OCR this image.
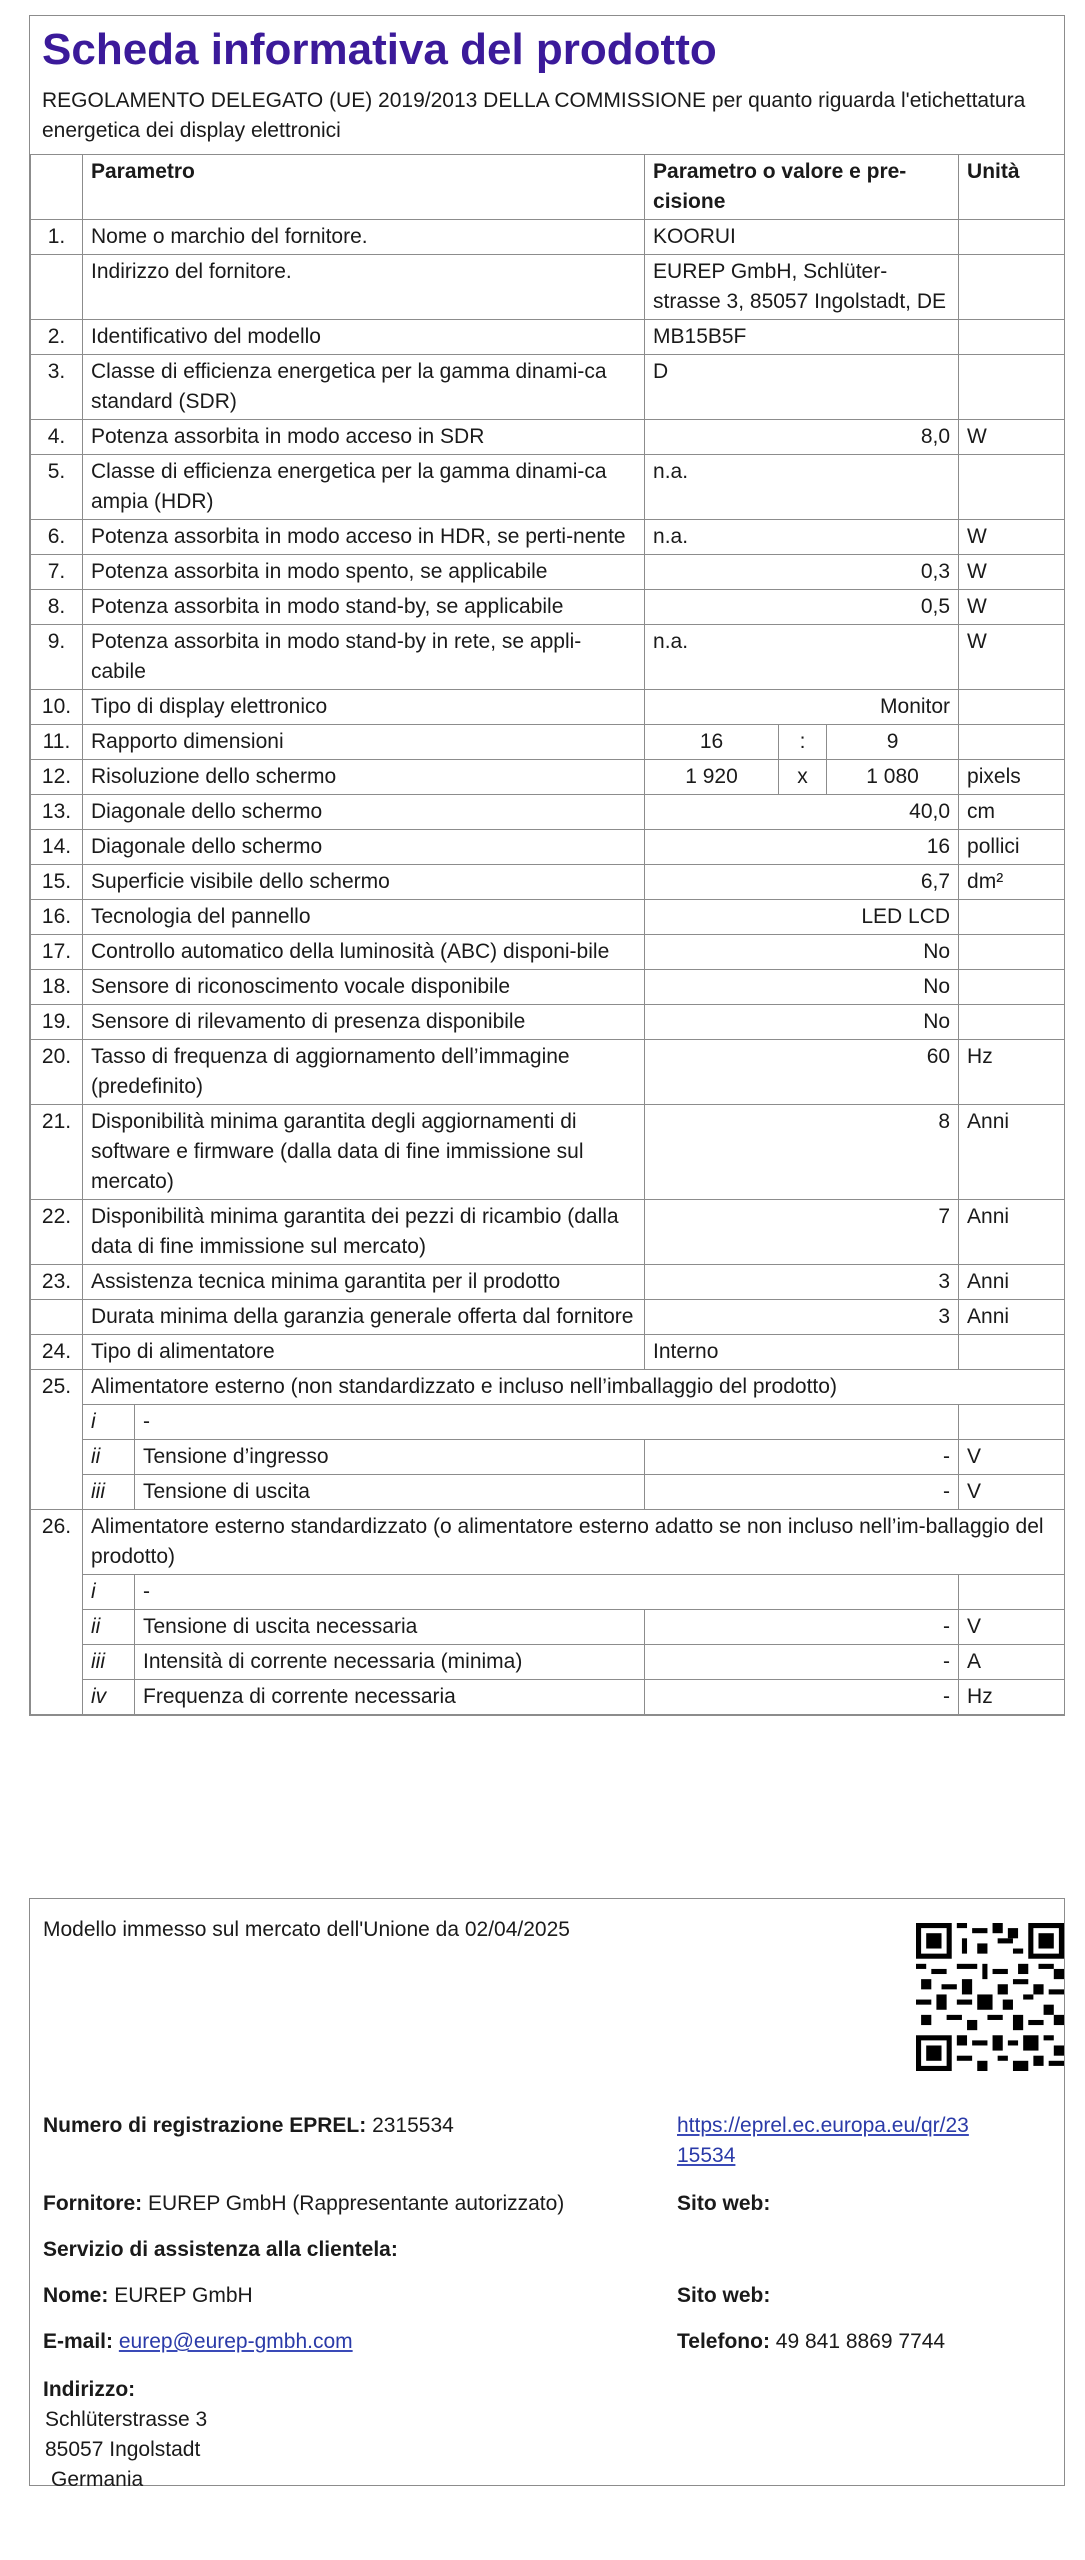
Scheda informativa del prodotto
REGOLAMENTO DELEGATO (UE) 2019/2013 DELLA COMMISSIONE per quanto riguarda l'etichettatura energetica dei display elettronici
	Parametro		Parametro o valore e pre-cisione			Unità
1.	Nome o marchio del fornitore.		KOORUI			
	Indirizzo del fornitore.		EUREP GmbH, Schlüter-strasse 3, 85057 Ingolstadt, DE			
2.	Identificativo del modello		MB15B5F			
3.	Classe di efficienza energetica per la gamma dinami-ca standard (SDR)		D			
4.	Potenza assorbita in modo acceso in SDR		8,0			W
5.	Classe di efficienza energetica per la gamma dinami-ca ampia (HDR)		n.a.			
6.	Potenza assorbita in modo acceso in HDR, se perti-nente		n.a.			W
7.	Potenza assorbita in modo spento, se applicabile		0,3			W
8.	Potenza assorbita in modo stand-by, se applicabile		0,5			W
9.	Potenza assorbita in modo stand-by in rete, se appli-cabile		n.a.			W
10.	Tipo di display elettronico		Monitor			
11.	Rapporto dimensioni		16	:	9	
12.	Risoluzione dello schermo		1 920	x	1 080	pixels
13.	Diagonale dello schermo		40,0			cm
14.	Diagonale dello schermo		16			pollici
15.	Superficie visibile dello schermo		6,7			dm²
16.	Tecnologia del pannello		LED LCD			
17.	Controllo automatico della luminosità (ABC) disponi-bile		No			
18.	Sensore di riconoscimento vocale disponibile		No			
19.	Sensore di rilevamento di presenza disponibile		No			
20.	Tasso di frequenza di aggiornamento dell’immagine (predefinito)		60			Hz
21.	Disponibilità minima garantita degli aggiornamenti di software e firmware (dalla data di fine immissione sul mercato)		8			Anni
22.	Disponibilità minima garantita dei pezzi di ricambio (dalla data di fine immissione sul mercato)		7			Anni
23.	Assistenza tecnica minima garantita per il prodotto		3			Anni
	Durata minima della garanzia generale offerta dal fornitore		3			Anni
24.	Tipo di alimentatore		Interno			
25.	Alimentatore esterno (non standardizzato e incluso nell’imballaggio del prodotto)					
	i	-				
	ii	Tensione d’ingresso	-			V
	iii	Tensione di uscita	-			V
26.	Alimentatore esterno standardizzato (o alimentatore esterno adatto se non incluso nell’im-ballaggio del prodotto)					
	i	-				
	ii	Tensione di uscita necessaria	-			V
	iii	Intensità di corrente necessaria (minima)	-			A
	iv	Frequenza di corrente necessaria	-			Hz
Modello immesso sul mercato dell'Unione da 02/04/2025
Numero di registrazione EPREL: 2315534	https://eprel.ec.europa.eu/qr/23
15534
Fornitore: EUREP GmbH (Rappresentante autorizzato)	Sito web:
Servizio di assistenza alla clientela:
Nome: EUREP GmbH	Sito web:
E-mail: eurep@eurep-gmbh.com	Telefono: 49 841 8869 7744
Indirizzo:
Schlüterstrasse 3
85057 Ingolstadt
Germania
